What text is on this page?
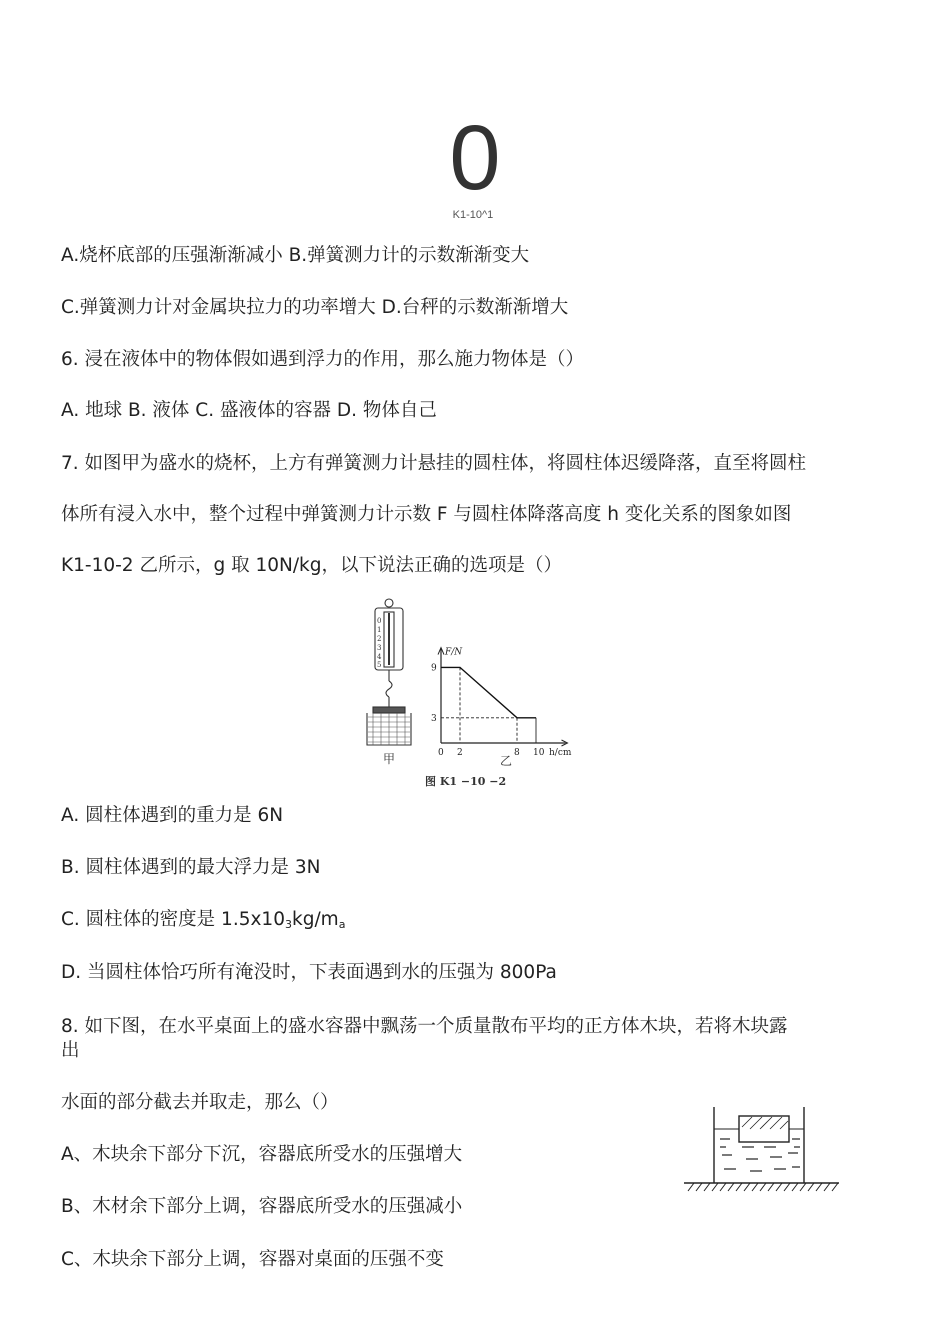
0
K1-10^1
A.烧杯底部的压强渐渐减小 B.弹簧测力计的示数渐渐变大
C.弹簧测力计对金属块拉力的功率增大 D.台秤的示数渐渐增大
6. 浸在液体中的物体假如遇到浮力的作用，那么施力物体是（）
A. 地球 B. 液体 C. 盛液体的容器 D. 物体自己
7. 如图甲为盛水的烧杯，上方有弹簧测力计悬挂的圆柱体，将圆柱体迟缓降落，直至将圆柱
体所有浸入水中，整个过程中弹簧测力计示数 F 与圆柱体降落高度 h 变化关系的图象如图
K1-10-2 乙所示，g 取 10N/kg，以下说法正确的选项是（）
0
1
2
3
4
5
甲
F/N
h/cm
0 2	8 10
9
3
乙
图 K1 −10 −2
A. 圆柱体遇到的重力是 6N
B. 圆柱体遇到的最大浮力是 3N
C. 圆柱体的密度是 $1.5x10_3kg/m_a$
D. 当圆柱体恰巧所有淹没时，下表面遇到水的压强为 800Pa
8. 如下图，在水平桌面上的盛水容器中飘荡一个质量散布平均的正方体木块，若将木块露
出
水面的部分截去并取走，那么（）
A、木块余下部分下沉，容器底所受水的压强增大
B、木材余下部分上调，容器底所受水的压强减小
C、木块余下部分上调，容器对桌面的压强不变
